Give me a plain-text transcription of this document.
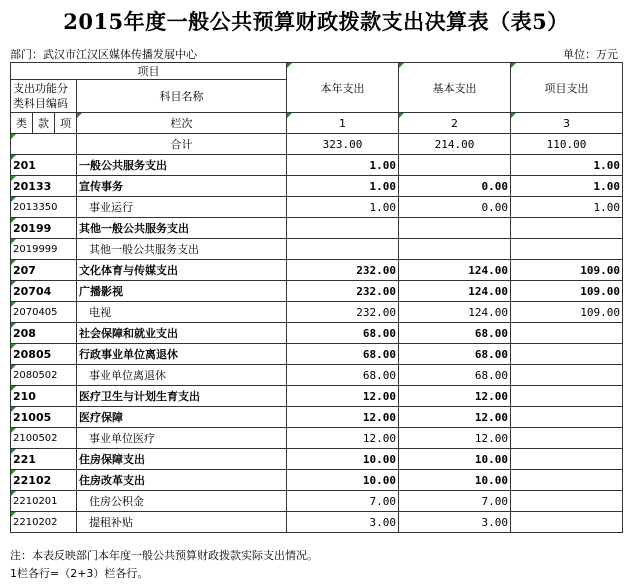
2015年度一般公共预算财政拨款支出决算表（表5）
部门：武汉市江汉区媒体传播发展中心	单位：万元
项目				本年支出	基本支出	项目支出
支出功能分类科目编码			科目名称			
类	款	项				
			栏次	1	2	3
			合计	323.00	214.00	110.00
201			一般公共服务支出	1.00		1.00
20133			宣传事务	1.00	0.00	1.00
2013350			事业运行	1.00	0.00	1.00
20199			其他一般公共服务支出			
2019999			其他一般公共服务支出			
207			文化体育与传媒支出	232.00	124.00	109.00
20704			广播影视	232.00	124.00	109.00
2070405			电视	232.00	124.00	109.00
208			社会保障和就业支出	68.00	68.00	
20805			行政事业单位离退休	68.00	68.00	
2080502			事业单位离退休	68.00	68.00	
210			医疗卫生与计划生育支出	12.00	12.00	
21005			医疗保障	12.00	12.00	
2100502			事业单位医疗	12.00	12.00	
221			住房保障支出	10.00	10.00	
22102			住房改革支出	10.00	10.00	
2210201			住房公积金	7.00	7.00	
2210202			提租补贴	3.00	3.00	
注：本表反映部门本年度一般公共预算财政拨款实际支出情况。
1栏各行=（2+3）栏各行。
